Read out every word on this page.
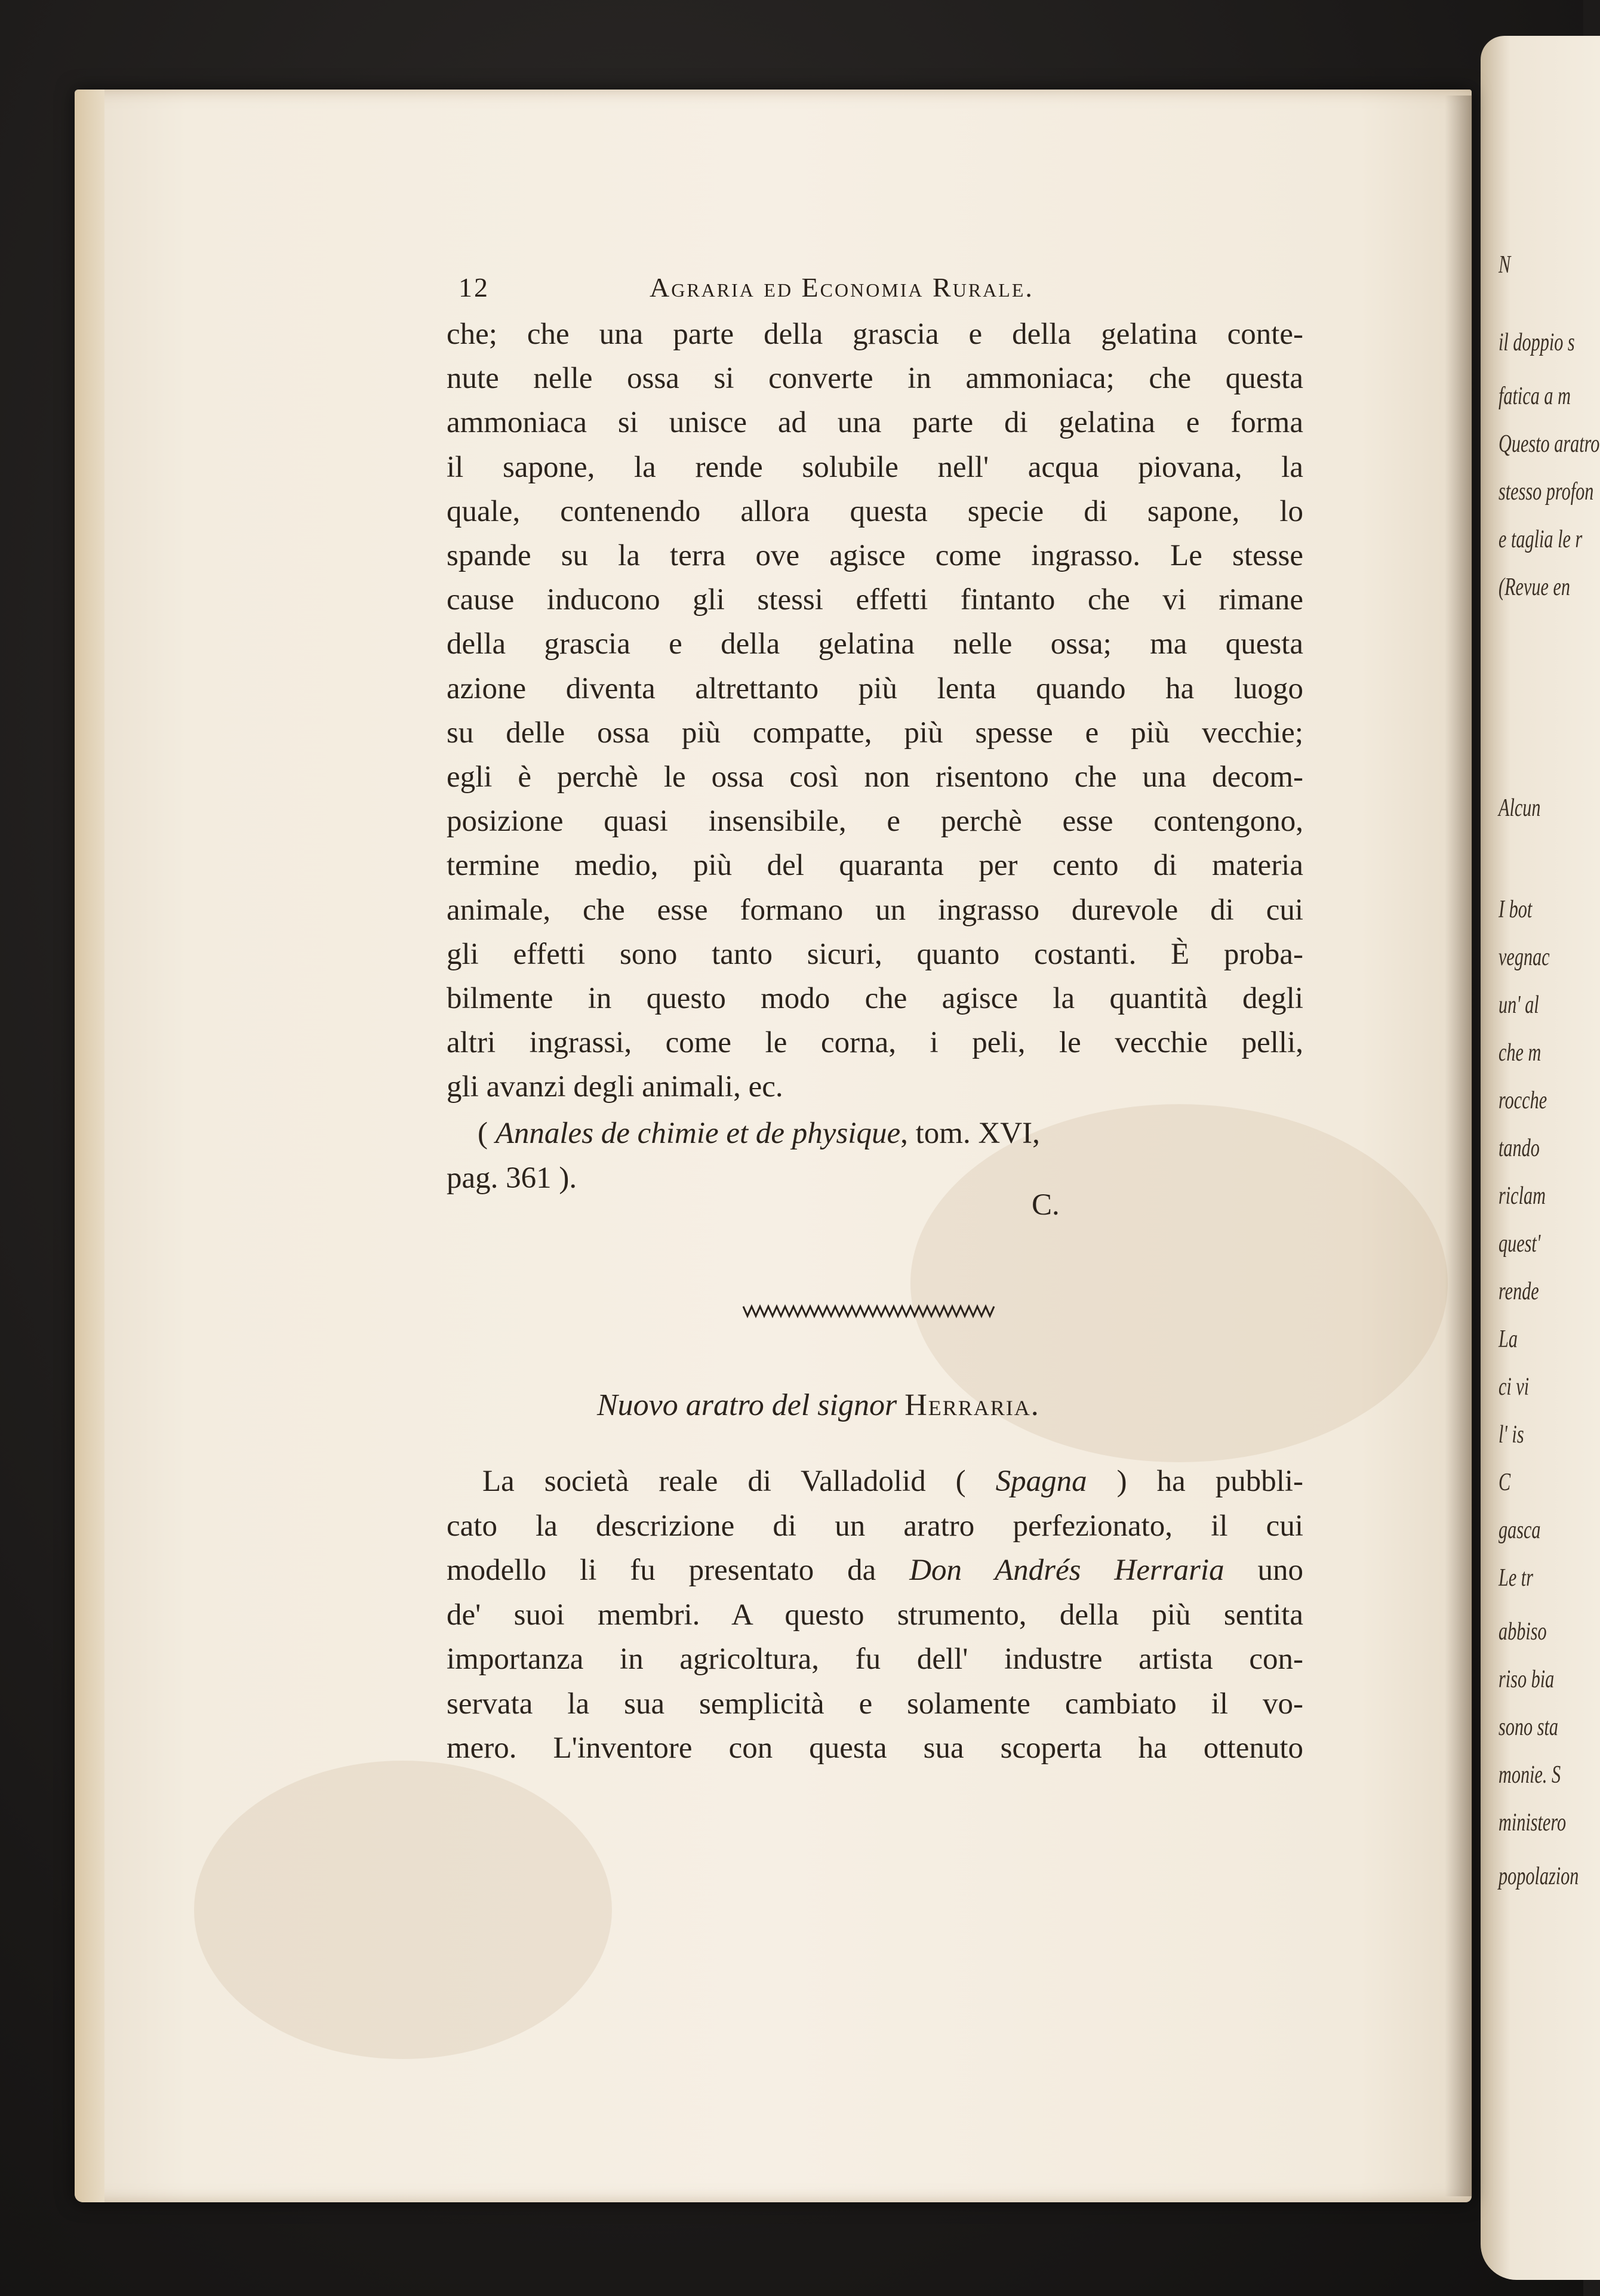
N
il doppio s
fatica a m
Questo aratro
stesso profon
e taglia le r
(Revue en
Alcun
I bot
vegnac
un' al
che m
rocche
tando
riclam
quest'
rende
La
ci vi
l' is
C
gasca
Le tr
abbiso
riso bia
sono sta
monie. S
ministero
popolazion
12	Agraria ed Economia Rurale.
che; che una parte della grascia e della gelatina conte-
nute nelle ossa si converte in ammoniaca; che questa
ammoniaca si unisce ad una parte di gelatina e forma
il sapone, la rende solubile nell' acqua piovana, la
quale, contenendo allora questa specie di sapone, lo
spande su la terra ove agisce come ingrasso. Le stesse
cause inducono gli stessi effetti fintanto che vi rimane
della grascia e della gelatina nelle ossa; ma questa
azione diventa altrettanto più lenta quando ha luogo
su delle ossa più compatte, più spesse e più vecchie;
egli è perchè le ossa così non risentono che una decom-
posizione quasi insensibile, e perchè esse contengono,
termine medio, più del quaranta per cento di materia
animale, che esse formano un ingrasso durevole di cui
gli effetti sono tanto sicuri, quanto costanti. È proba-
bilmente in questo modo che agisce la quantità degli
altri ingrassi, come le corna, i peli, le vecchie pelli,
gli avanzi degli animali, ec.
( Annales de chimie et de physique, tom. XVI,
pag. 361 ).
C.
Nuovo aratro del signor Herraria.
La società reale di Valladolid ( Spagna ) ha pubbli-
cato la descrizione di un aratro perfezionato, il cui
modello li fu presentato da Don Andrés Herraria uno
de' suoi membri. A questo strumento, della più sentita
importanza in agricoltura, fu dell' industre artista con-
servata la sua semplicità e solamente cambiato il vo-
mero. L'inventore con questa sua scoperta ha ottenuto
